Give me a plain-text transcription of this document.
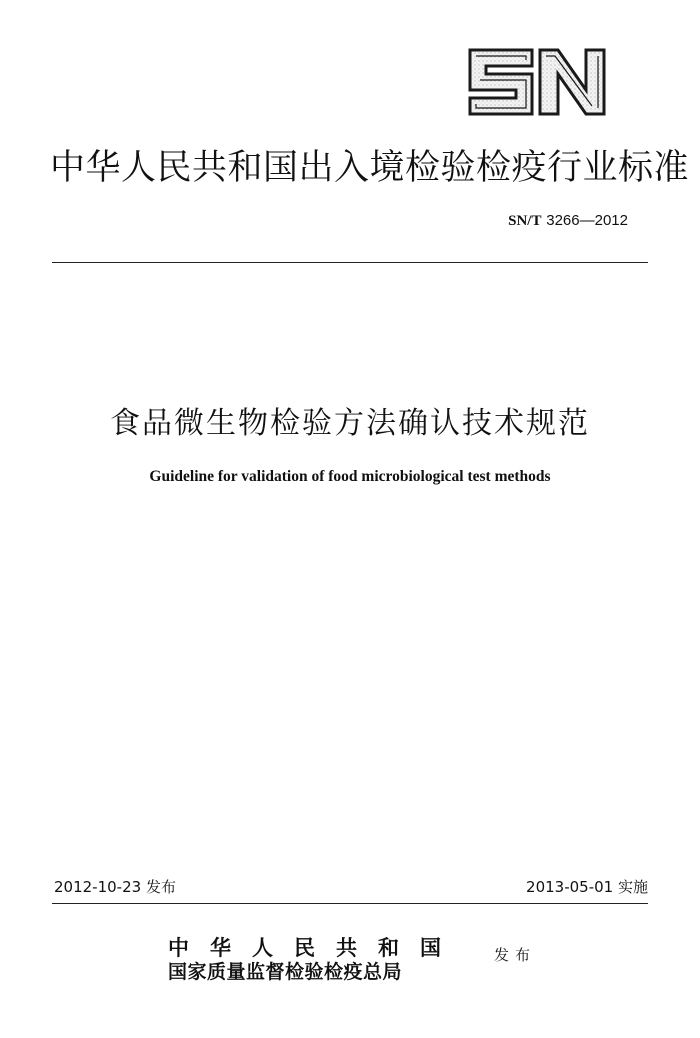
中华人民共和国出入境检验检疫行业标准
SN/T 3266—2012
食品微生物检验方法确认技术规范
Guideline for validation of food microbiological test methods
2012-10-23 发布	2013-05-01 实施
中华人民共和国
国家质量监督检验检疫总局
发布
